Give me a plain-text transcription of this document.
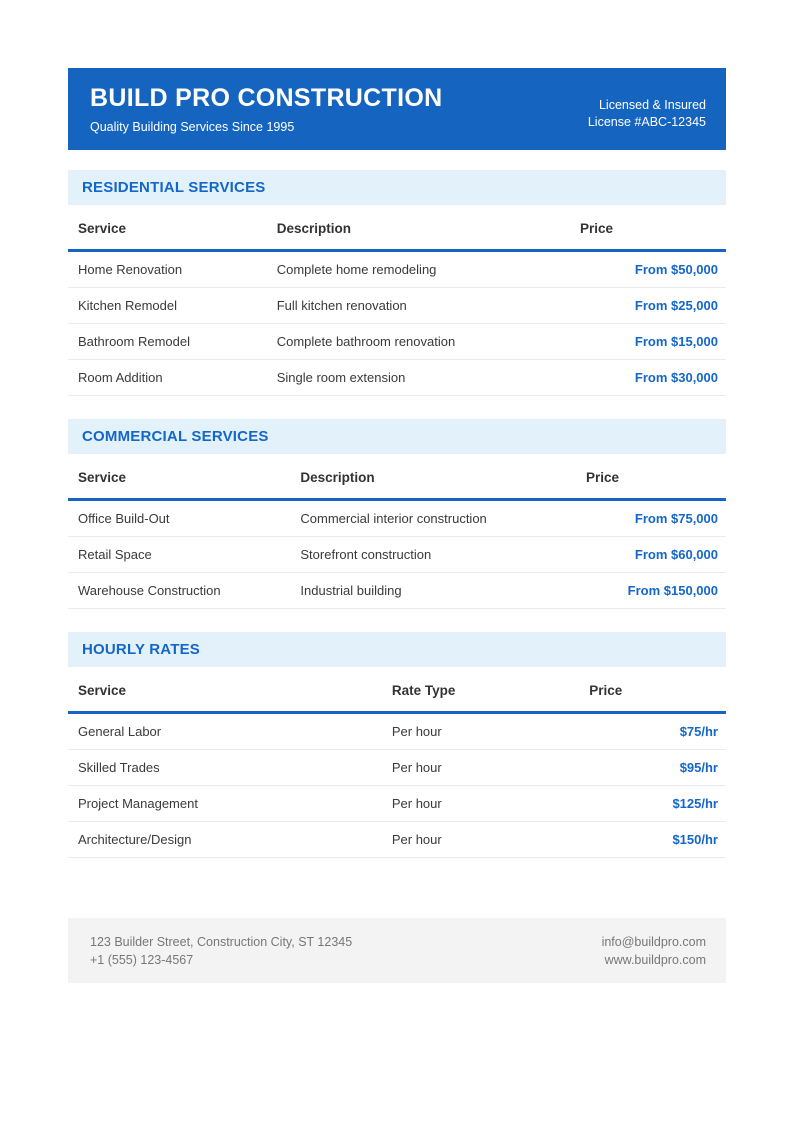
BUILD PRO CONSTRUCTION
Quality Building Services Since 1995
Licensed & Insured
License #ABC-12345
RESIDENTIAL SERVICES
Service	Description	Price
Home Renovation	Complete home remodeling	From $50,000
Kitchen Remodel	Full kitchen renovation	From $25,000
Bathroom Remodel	Complete bathroom renovation	From $15,000
Room Addition	Single room extension	From $30,000
COMMERCIAL SERVICES
Service	Description	Price
Office Build-Out	Commercial interior construction	From $75,000
Retail Space	Storefront construction	From $60,000
Warehouse Construction	Industrial building	From $150,000
HOURLY RATES
Service	Rate Type	Price
General Labor	Per hour	$75/hr
Skilled Trades	Per hour	$95/hr
Project Management	Per hour	$125/hr
Architecture/Design	Per hour	$150/hr
123 Builder Street, Construction City, ST 12345
+1 (555) 123-4567
info@buildpro.com
www.buildpro.com
